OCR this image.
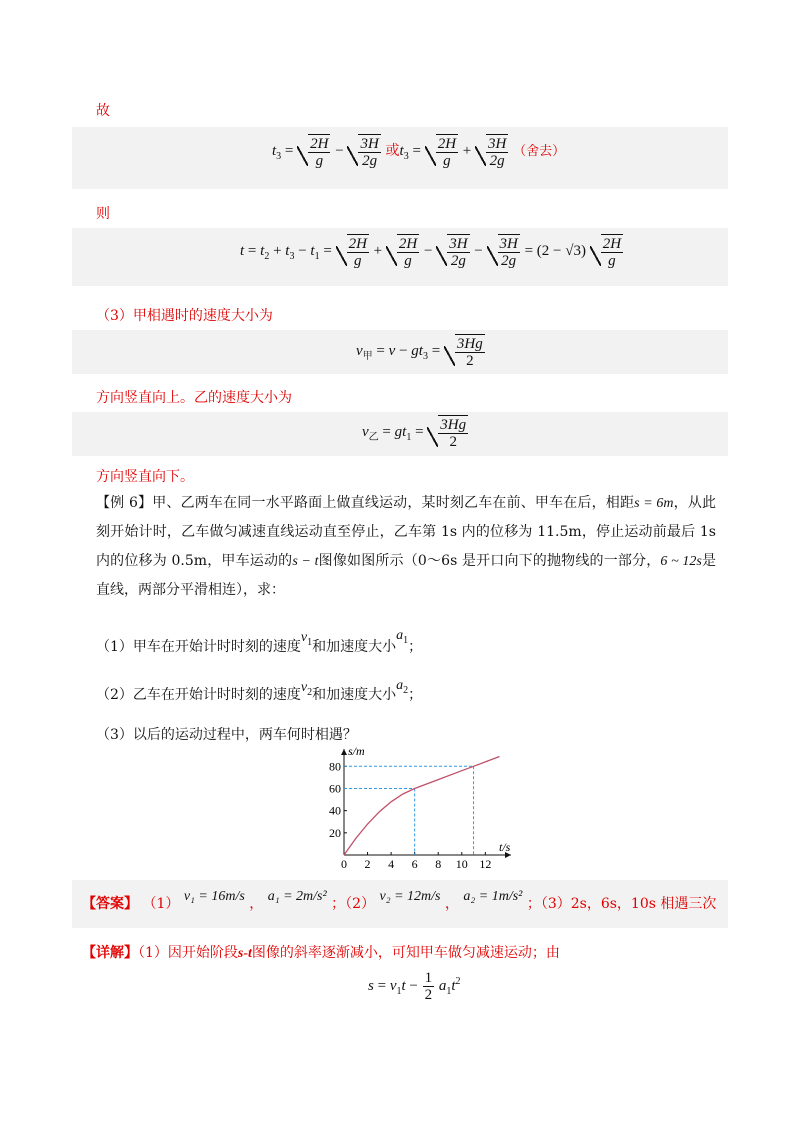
故
$t_3 = \frac{2H}{g} - \frac{3H}{2g}$ 或$t_3 = \frac{2H}{g} + \frac{3H}{2g}$ （舍去）
则
$t = t_2 + t_3 - t_1 = \frac{2H}{g} + \frac{2H}{g} - \frac{3H}{2g} - \frac{3H}{2g} = (2 - √3) \frac{2H}{g}$
（3）甲相遇时的速度大小为
$v_甲 = v - gt_3 = \frac{3Hg}{2}$
方向竖直向上。乙的速度大小为
$v_乙 = gt_1 = \frac{3Hg}{2}$
方向竖直向下。
【例 6】甲、乙两车在同一水平路面上做直线运动，某时刻乙车在前、甲车在后，相距s = 6m，从此刻开始计时，乙车做匀减速直线运动直至停止，乙车第 1s 内的位移为 11.5m，停止运动前最后 1s 内的位移为 0.5m，甲车运动的s − t图像如图所示（0～6s 是开口向下的抛物线的一部分，6 ~ 12s是直线，两部分平滑相连），求：
（1）甲车在开始计时时刻的速度$v_1$和加速度大小$a_1$；
（2）乙车在开始计时时刻的速度$v_2$和加速度大小$a_2$；
（3）以后的运动过程中，两车何时相遇？
0 2 4 6 8 10 12
20
40
60
80
t/s
s/m
【答案】 （1） v₁ = 16m/s ， a₁ = 2m/s² ；（2） v₂ = 12m/s ， a₂ = 1m/s² ；（3）2s，6s，10s 相遇三次
【详解】（1）因开始阶段s-t图像的斜率逐渐减小，可知甲车做匀减速运动；由
$s = v_1t - \frac{1}{2} a_1t^2$
